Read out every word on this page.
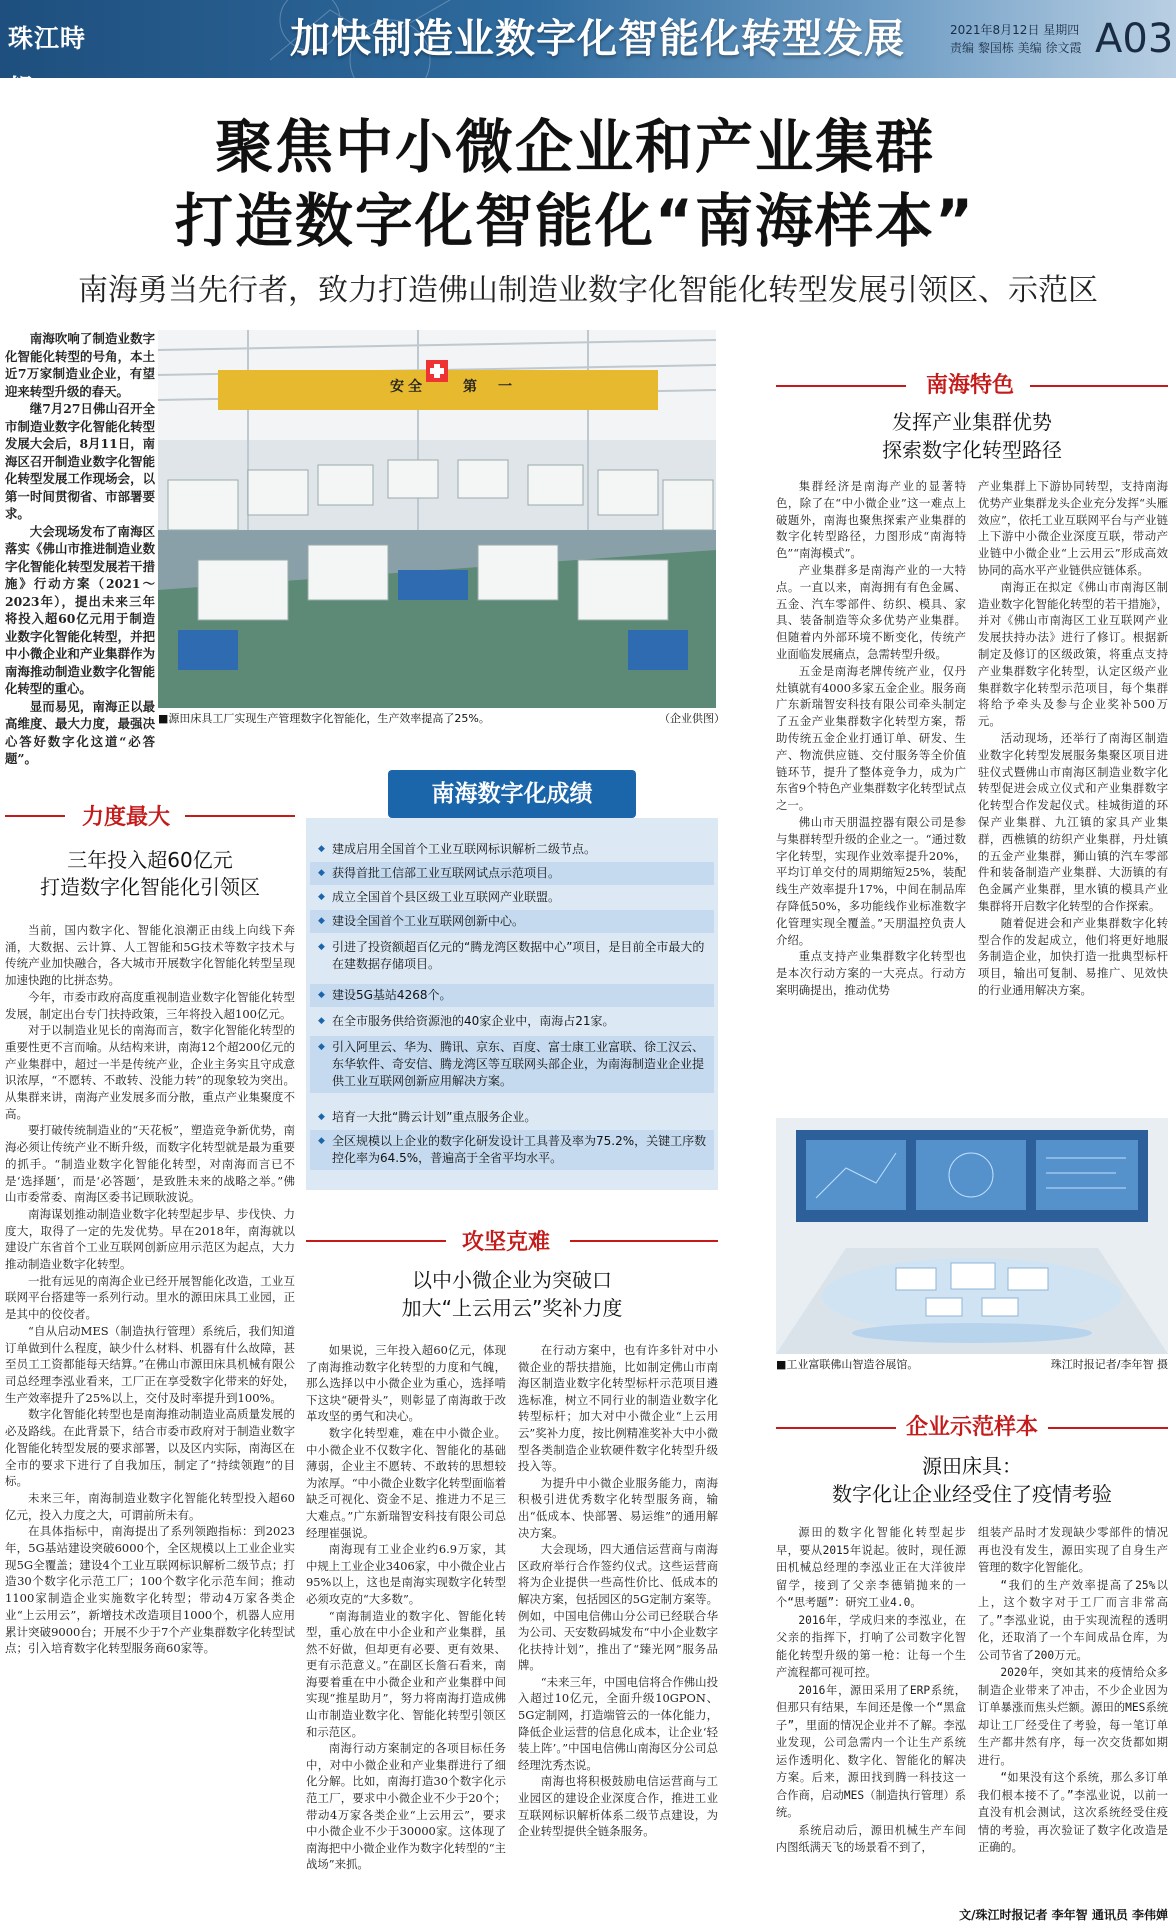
珠江時報
加快制造业数字化智能化转型发展	2021年8月12日 星期四
责编 黎国栋 美编 徐文霞 A03
聚焦中小微企业和产业集群
打造数字化智能化“南海样本”
南海勇当先行者，致力打造佛山制造业数字化智能化转型发展引领区、示范区

南海吹响了制造业数字化智能化转型的号角，本土近7万家制造业企业，有望迎来转型升级的春天。

继7月27日佛山召开全市制造业数字化智能化转型发展大会后，8月11日，南海区召开制造业数字化智能化转型发展工作现场会，以第一时间贯彻省、市部署要求。

大会现场发布了南海区落实《佛山市推进制造业数字化智能化转型发展若干措施》行动方案（2021～2023年），提出未来三年将投入超60亿元用于制造业数字化智能化转型，并把中小微企业和产业集群作为南海推动制造业数字化智能化转型的重心。

显而易见，南海正以最高维度、最大力度，最强决心答好数字化这道“必答题”。

安 全	第 一
■源田床具工厂实现生产管理数字化智能化，生产效率提高了25%。	（企业供图）
力度最大
三年投入超60亿元
打造数字化智能化引领区

当前，国内数字化、智能化浪潮正由线上向线下奔涌，大数据、云计算、人工智能和5G技术等数字技术与传统产业加快融合，各大城市开展数字化智能化转型呈现加速快跑的比拼态势。

今年，市委市政府高度重视制造业数字化智能化转型发展，制定出台专门扶持政策，三年将投入超100亿元。

对于以制造业见长的南海而言，数字化智能化转型的重要性更不言而喻。从结构来讲，南海12个超200亿元的产业集群中，超过一半是传统产业，企业主务实且守成意识浓厚，“不愿转、不敢转、没能力转”的现象较为突出。从集群来讲，南海产业发展多而分散，重点产业集聚度不高。

要打破传统制造业的“天花板”，塑造竞争新优势，南海必须让传统产业不断升级，而数字化转型就是最为重要的抓手。“制造业数字化智能化转型，对南海而言已不是‘选择题’，而是‘必答题’，是致胜未来的战略之举。”佛山市委常委、南海区委书记顾耿波说。

南海谋划推动制造业数字化转型起步早、步伐快、力度大，取得了一定的先发优势。早在2018年，南海就以建设广东省首个工业互联网创新应用示范区为起点，大力推动制造业数字化转型。

一批有远见的南海企业已经开展智能化改造，工业互联网平台搭建等一系列行动。里水的源田床具工业园，正是其中的佼佼者。

“自从启动MES（制造执行管理）系统后，我们知道订单做到什么程度，缺少什么材料、机器有什么故障，甚至员工工资都能每天结算。”在佛山市源田床具机械有限公司总经理李泓业看来，工厂正在享受数字化带来的好处，生产效率提升了25%以上，交付及时率提升到100%。

数字化智能化转型也是南海推动制造业高质量发展的必及路线。在此背景下，结合市委市政府对于制造业数字化智能化转型发展的要求部署，以及区内实际，南海区在全市的要求下进行了自我加压，制定了“持续领跑”的目标。

未来三年，南海制造业数字化智能化转型投入超60亿元，投入力度之大，可谓前所未有。

在具体指标中，南海提出了系列领跑指标：到2023年，5G基站建设突破6000个，全区规模以上工业企业实现5G全覆盖；建设4个工业互联网标识解析二级节点；打造30个数字化示范工厂；100个数字化示范车间；推动1100家制造企业实施数字化转型；带动4万家各类企业“上云用云”，新增技术改造项目1000个，机器人应用累计突破9000台；开展不少于7个产业集群数字化转型试点；引入培育数字化转型服务商60家等。

南海数字化成绩
◆ 建成启用全国首个工业互联网标识解析二级节点。
◆ 获得首批工信部工业互联网试点示范项目。
◆ 成立全国首个县区级工业互联网产业联盟。
◆ 建设全国首个工业互联网创新中心。
◆ 引进了投资额超百亿元的“腾龙湾区数据中心”项目，是目前全市最大的在建数据存储项目。
◆ 建设5G基站4268个。
◆ 在全市服务供给资源池的40家企业中，南海占21家。
◆ 引入阿里云、华为、腾讯、京东、百度、富士康工业富联、徐工汉云、东华软件、奇安信、腾龙湾区等互联网头部企业，为南海制造业企业提供工业互联网创新应用解决方案。
◆ 培育一大批“腾云计划”重点服务企业。
◆ 全区规模以上企业的数字化研发设计工具普及率为75.2%，关键工序数控化率为64.5%，普遍高于全省平均水平。
攻坚克难
以中小微企业为突破口
加大“上云用云”奖补力度

如果说，三年投入超60亿元，体现了南海推动数字化转型的力度和气魄，那么选择以中小微企业为重心，选择啃下这块“硬骨头”，则彰显了南海敢于改革攻坚的勇气和决心。

数字化转型难，难在中小微企业。中小微企业不仅数字化、智能化的基础薄弱，企业主不愿转、不敢转的思想较为浓厚。“中小微企业数字化转型面临着缺乏可视化、资金不足、推进力不足三大难点。”广东新瑞智安科技有限公司总经理崔强说。

南海现有工业企业约6.9万家，其中规上工业企业3406家，中小微企业占95%以上，这也是南海实现数字化转型必须攻克的“大多数”。

“南海制造业的数字化、智能化转型，重心放在中小企业和产业集群，虽然不好做，但却更有必要、更有效果、更有示范意义。”在副区长詹石看来，南海要着重在中小微企业和产业集群中间实现“推星助月”，努力将南海打造成佛山市制造业数字化、智能化转型引领区和示范区。

南海行动方案制定的各项目标任务中，对中小微企业和产业集群进行了细化分解。比如，南海打造30个数字化示范工厂，要求中小微企业不少于20个；带动4万家各类企业“上云用云”，要求中小微企业不少于30000家。这体现了南海把中小微企业作为数字化转型的“主战场”来抓。

在行动方案中，也有许多针对中小微企业的帮扶措施，比如制定佛山市南海区制造业数字化转型标杆示范项目遴选标准，树立不同行业的制造业数字化转型标杆；加大对中小微企业“上云用云”奖补力度，按比例精准奖补大中小微型各类制造企业软硬件数字化转型升级投入等。

为提升中小微企业服务能力，南海积极引进优秀数字化转型服务商，输出“低成本、快部署、易运维”的通用解决方案。

大会现场，四大通信运营商与南海区政府举行合作签约仪式。这些运营商将为企业提供一些高性价比、低成本的解决方案，包括园区的5G定制方案等。例如，中国电信佛山分公司已经联合华为公司、天安数码城发布“中小企业数字化扶持计划”，推出了“臻光网”服务品牌。

“未来三年，中国电信将合作佛山投入超过10亿元，全面升级10GPON、5G定制网，打造端管云的一体化能力，降低企业运营的信息化成本，让企业‘轻装上阵’。”中国电信佛山南海区分公司总经理沈秀杰说。

南海也将积极鼓励电信运营商与工业园区的建设企业深度合作，推进工业互联网标识解析体系二级节点建设，为企业转型提供全链条服务。

南海特色
发挥产业集群优势
探索数字化转型路径

集群经济是南海产业的显著特色，除了在“中小微企业”这一难点上破题外，南海也聚焦探索产业集群的数字化转型路径，力图形成“南海特色”“南海模式”。

产业集群多是南海产业的一大特点。一直以来，南海拥有有色金属、五金、汽车零部件、纺织、模具、家具、装备制造等众多优势产业集群。但随着内外部环境不断变化，传统产业面临发展痛点，急需转型升级。

五金是南海老牌传统产业，仅丹灶镇就有4000多家五金企业。服务商广东新瑞智安科技有限公司牵头制定了五金产业集群数字化转型方案，帮助传统五金企业打通订单、研发、生产、物流供应链、交付服务等全价值链环节，提升了整体竞争力，成为广东省9个特色产业集群数字化转型试点之一。

佛山市天朋温控器有限公司是参与集群转型升级的企业之一。“通过数字化转型，实现作业效率提升20%，平均订单交付的周期缩短25%，装配线生产效率提升17%，中间在制品库存降低50%，多功能线作业标准数字化管理实现全覆盖。”天朋温控负责人介绍。

重点支持产业集群数字化转型也是本次行动方案的一大亮点。行动方案明确提出，推动优势

产业集群上下游协同转型，支持南海优势产业集群龙头企业充分发挥“头雁效应”，依托工业互联网平台与产业链上下游中小微企业深度互联，带动产业链中小微企业“上云用云”形成高效协同的高水平产业链供应链体系。

南海正在拟定《佛山市南海区制造业数字化智能化转型的若干措施》，并对《佛山市南海区工业互联网产业发展扶持办法》进行了修订。根据新制定及修订的区级政策，将重点支持产业集群数字化转型，认定区级产业集群数字化转型示范项目，每个集群将给予牵头及参与企业奖补500万元。

活动现场，还举行了南海区制造业数字化转型发展服务集聚区项目进驻仪式暨佛山市南海区制造业数字化转型促进会成立仪式和产业集群数字化转型合作发起仪式。桂城街道的环保产业集群、九江镇的家具产业集群，西樵镇的纺织产业集群，丹灶镇的五金产业集群，狮山镇的汽车零部件和装备制造产业集群、大沥镇的有色金属产业集群，里水镇的模具产业集群将开启数字化转型的合作探索。

随着促进会和产业集群数字化转型合作的发起成立，他们将更好地服务制造企业，加快打造一批典型标杆项目，输出可复制、易推广、见效快的行业通用解决方案。

■工业富联佛山智造谷展馆。	珠江时报记者/李年智 摄
企业示范样本
源田床具：
数字化让企业经受住了疫情考验

源田的数字化智能化转型起步早，要从2015年说起。彼时，现任源田机械总经理的李泓业正在大洋彼岸留学，接到了父亲李德销抛来的一个“思考题”：研究工业4.0。

2016年，学成归来的李泓业，在父亲的指挥下，打响了公司数字化智能化转型升级的第一枪：让每一个生产流程都可视可控。

2016年，源田采用了ERP系统，但那只有结果，车间还是像一个“黑盒子”，里面的情况企业并不了解。李泓业发现，公司急需内一个让生产系统运作透明化、数字化、智能化的解决方案。后来，源田找到腾一科技这一合作商，启动MES（制造执行管理）系统。

系统启动后，源田机械生产车间内图纸满天飞的场景看不到了，

组装产品时才发现缺少零部件的情况再也没有发生，源田实现了自身生产管理的数字化智能化。

“我们的生产效率提高了25%以上，这个数字对于工厂而言非常高了。”李泓业说，由于实现流程的透明化，还取消了一个车间成品仓库，为公司节省了200万元。

2020年，突如其来的疫情给众多制造企业带来了冲击，不少企业因为订单暴涨而焦头烂额。源田的MES系统却让工厂经受住了考验，每一笔订单生产都井然有序，每一次交货都如期进行。

“如果没有这个系统，那么多订单我们根本接不了。”李泓业说，以前一直没有机会测试，这次系统经受住疫情的考验，再次验证了数字化改造是正确的。

文/珠江时报记者 李年智 通讯员 李伟婵
